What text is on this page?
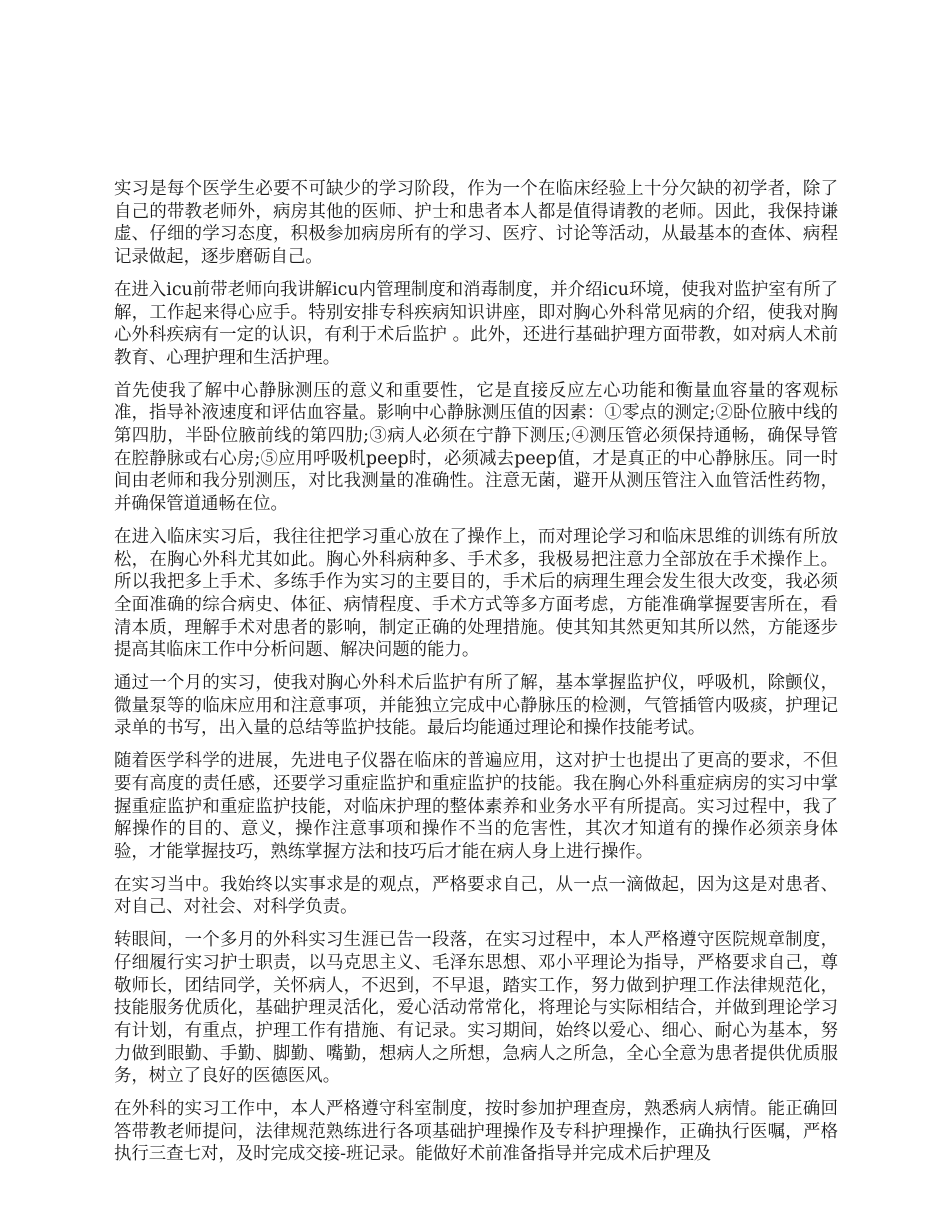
实习是每个医学生必要不可缺少的学习阶段，作为一个在临床经验上十分欠缺的初学者，除了自己的带教老师外，病房其他的医师、护士和患者本人都是值得请教的老师。因此，我保持谦虚、仔细的学习态度，积极参加病房所有的学习、医疗、讨论等活动，从最基本的查体、病程记录做起，逐步磨砺自己。

在进入icu前带老师向我讲解icu内管理制度和消毒制度，并介绍icu环境，使我对监护室有所了解，工作起来得心应手。特别安排专科疾病知识讲座，即对胸心外科常见病的介绍，使我对胸心外科疾病有一定的认识，有利于术后监护 。此外，还进行基础护理方面带教，如对病人术前教育、心理护理和生活护理。

首先使我了解中心静脉测压的意义和重要性，它是直接反应左心功能和衡量血容量的客观标准，指导补液速度和评估血容量。影响中心静脉测压值的因素：①零点的测定;②卧位腋中线的第四肋，半卧位腋前线的第四肋;③病人必须在宁静下测压;④测压管必须保持通畅，确保导管在腔静脉或右心房;⑤应用呼吸机peep时，必须减去peep值，才是真正的中心静脉压。同一时间由老师和我分别测压，对比我测量的准确性。注意无菌，避开从测压管注入血管活性药物，并确保管道通畅在位。

在进入临床实习后，我往往把学习重心放在了操作上，而对理论学习和临床思维的训练有所放松，在胸心外科尤其如此。胸心外科病种多、手术多，我极易把注意力全部放在手术操作上。所以我把多上手术、多练手作为实习的主要目的，手术后的病理生理会发生很大改变，我必须全面准确的综合病史、体征、病情程度、手术方式等多方面考虑，方能准确掌握要害所在，看清本质，理解手术对患者的影响，制定正确的处理措施。使其知其然更知其所以然，方能逐步提高其临床工作中分析问题、解决问题的能力。

通过一个月的实习，使我对胸心外科术后监护有所了解，基本掌握监护仪，呼吸机，除颤仪，微量泵等的临床应用和注意事项，并能独立完成中心静脉压的检测，气管插管内吸痰，护理记录单的书写，出入量的总结等监护技能。最后均能通过理论和操作技能考试。

随着医学科学的进展，先进电子仪器在临床的普遍应用，这对护士也提出了更高的要求，不但要有高度的责任感，还要学习重症监护和重症监护的技能。我在胸心外科重症病房的实习中掌握重症监护和重症监护技能，对临床护理的整体素养和业务水平有所提高。实习过程中，我了解操作的目的、意义，操作注意事项和操作不当的危害性，其次才知道有的操作必须亲身体验，才能掌握技巧，熟练掌握方法和技巧后才能在病人身上进行操作。

在实习当中。我始终以实事求是的观点，严格要求自己，从一点一滴做起，因为这是对患者、对自己、对社会、对科学负责。

转眼间，一个多月的外科实习生涯已告一段落，在实习过程中，本人严格遵守医院规章制度，仔细履行实习护士职责，以马克思主义、毛泽东思想、邓小平理论为指导，严格要求自己，尊敬师长，团结同学，关怀病人，不迟到，不早退，踏实工作，努力做到护理工作法律规范化，技能服务优质化，基础护理灵活化，爱心活动常常化，将理论与实际相结合，并做到理论学习有计划，有重点，护理工作有措施、有记录。实习期间，始终以爱心、细心、耐心为基本，努力做到眼勤、手勤、脚勤、嘴勤，想病人之所想，急病人之所急，全心全意为患者提供优质服务，树立了良好的医德医风。

在外科的实习工作中，本人严格遵守科室制度，按时参加护理查房，熟悉病人病情。能正确回答带教老师提问，法律规范熟练进行各项基础护理操作及专科护理操作，正确执行医嘱，严格执行三查七对，及时完成交接-班记录。能做好术前准备指导并完成术后护理及
